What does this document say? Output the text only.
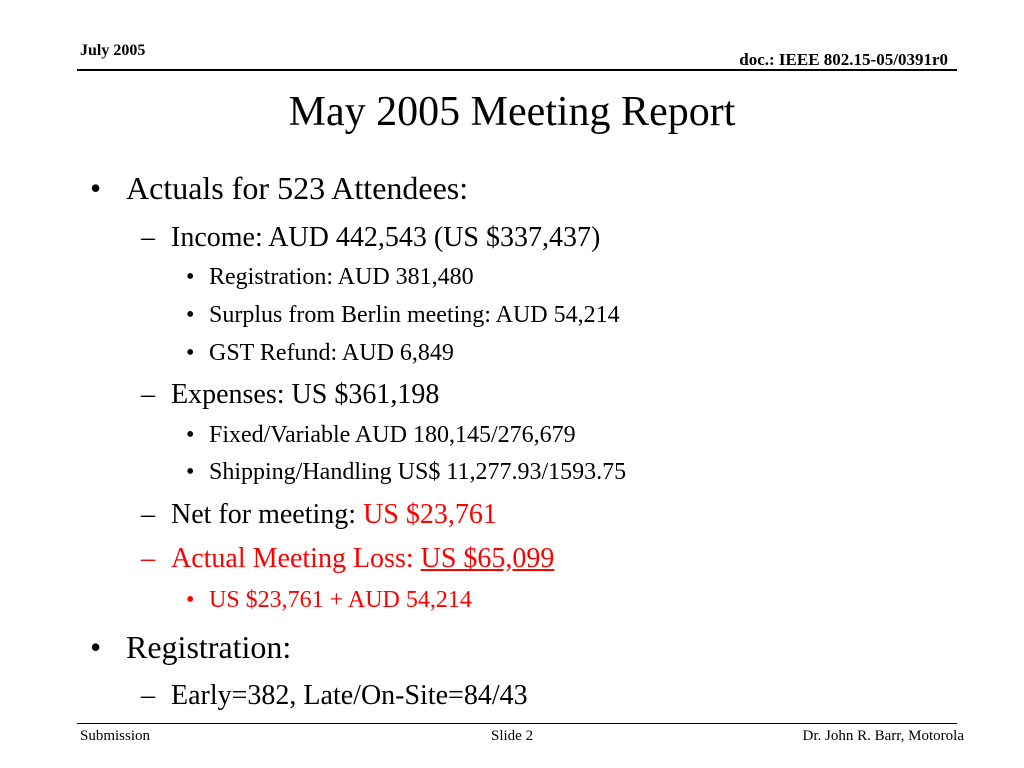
July 2005	doc.: IEEE 802.15-05/0391r0
May 2005 Meeting Report
• Actuals for 523 Attendees:
– Income: AUD 442,543 (US $337,437)
• Registration: AUD 381,480
• Surplus from Berlin meeting: AUD 54,214
• GST Refund: AUD 6,849
– Expenses: US $361,198
• Fixed/Variable AUD 180,145/276,679
• Shipping/Handling US$ 11,277.93/1593.75
– Net for meeting: US $23,761
– Actual Meeting Loss: US $65,099
• US $23,761 + AUD 54,214
• Registration:
– Early=382, Late/On-Site=84/43
Submission	Slide 2	Dr. John R. Barr, Motorola
